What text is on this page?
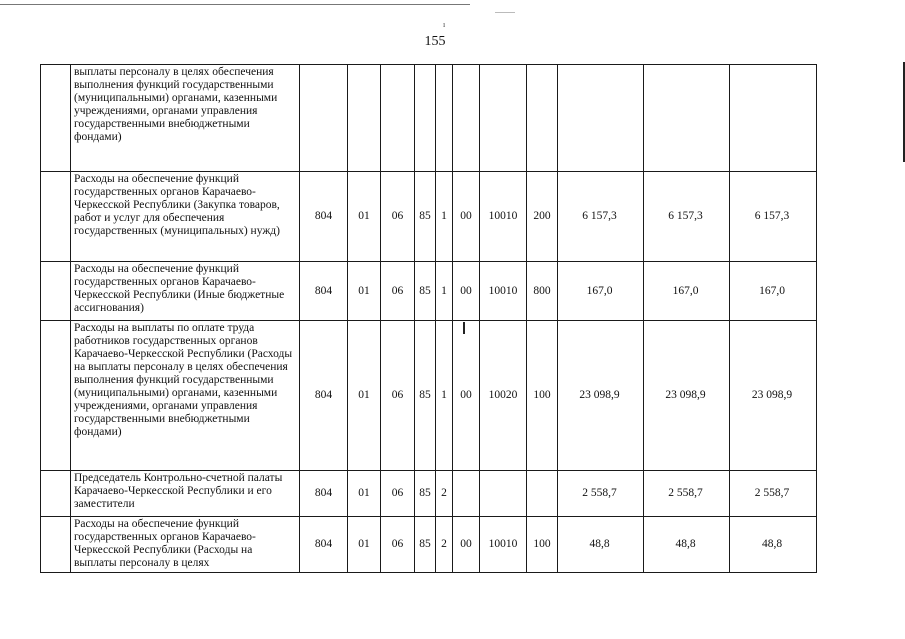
ı
155
	выплаты персоналу в целях обеспечения выполнения функций государственными (муниципальными) органами, казенными учреждениями, органами управления государственными внебюджетными фондами)											
	Расходы на обеспечение функций государственных органов Карачаево-Черкесской Республики (Закупка товаров, работ и услуг для обеспечения государственных (муниципальных) нужд)	804	01	06	85	1	00	10010	200	6 157,3	6 157,3	6 157,3
	Расходы на обеспечение функций государственных органов Карачаево-Черкесской Республики (Иные бюджетные ассигнования)	804	01	06	85	1	00	10010	800	167,0	167,0	167,0
	Расходы на выплаты по оплате труда работников государственных органов Карачаево-Черкесской Республики (Расходы на выплаты персоналу в целях обеспечения выполнения функций государственными (муниципальными) органами, казенными учреждениями, органами управления государственными внебюджетными фондами)	804	01	06	85	1	00	10020	100	23 098,9	23 098,9	23 098,9
	Председатель Контрольно-счетной палаты Карачаево-Черкесской Республики и его заместители	804	01	06	85	2				2 558,7	2 558,7	2 558,7
	Расходы на обеспечение функций государственных органов Карачаево-Черкесской Республики (Расходы на выплаты персоналу в целях	804	01	06	85	2	00	10010	100	48,8	48,8	48,8
